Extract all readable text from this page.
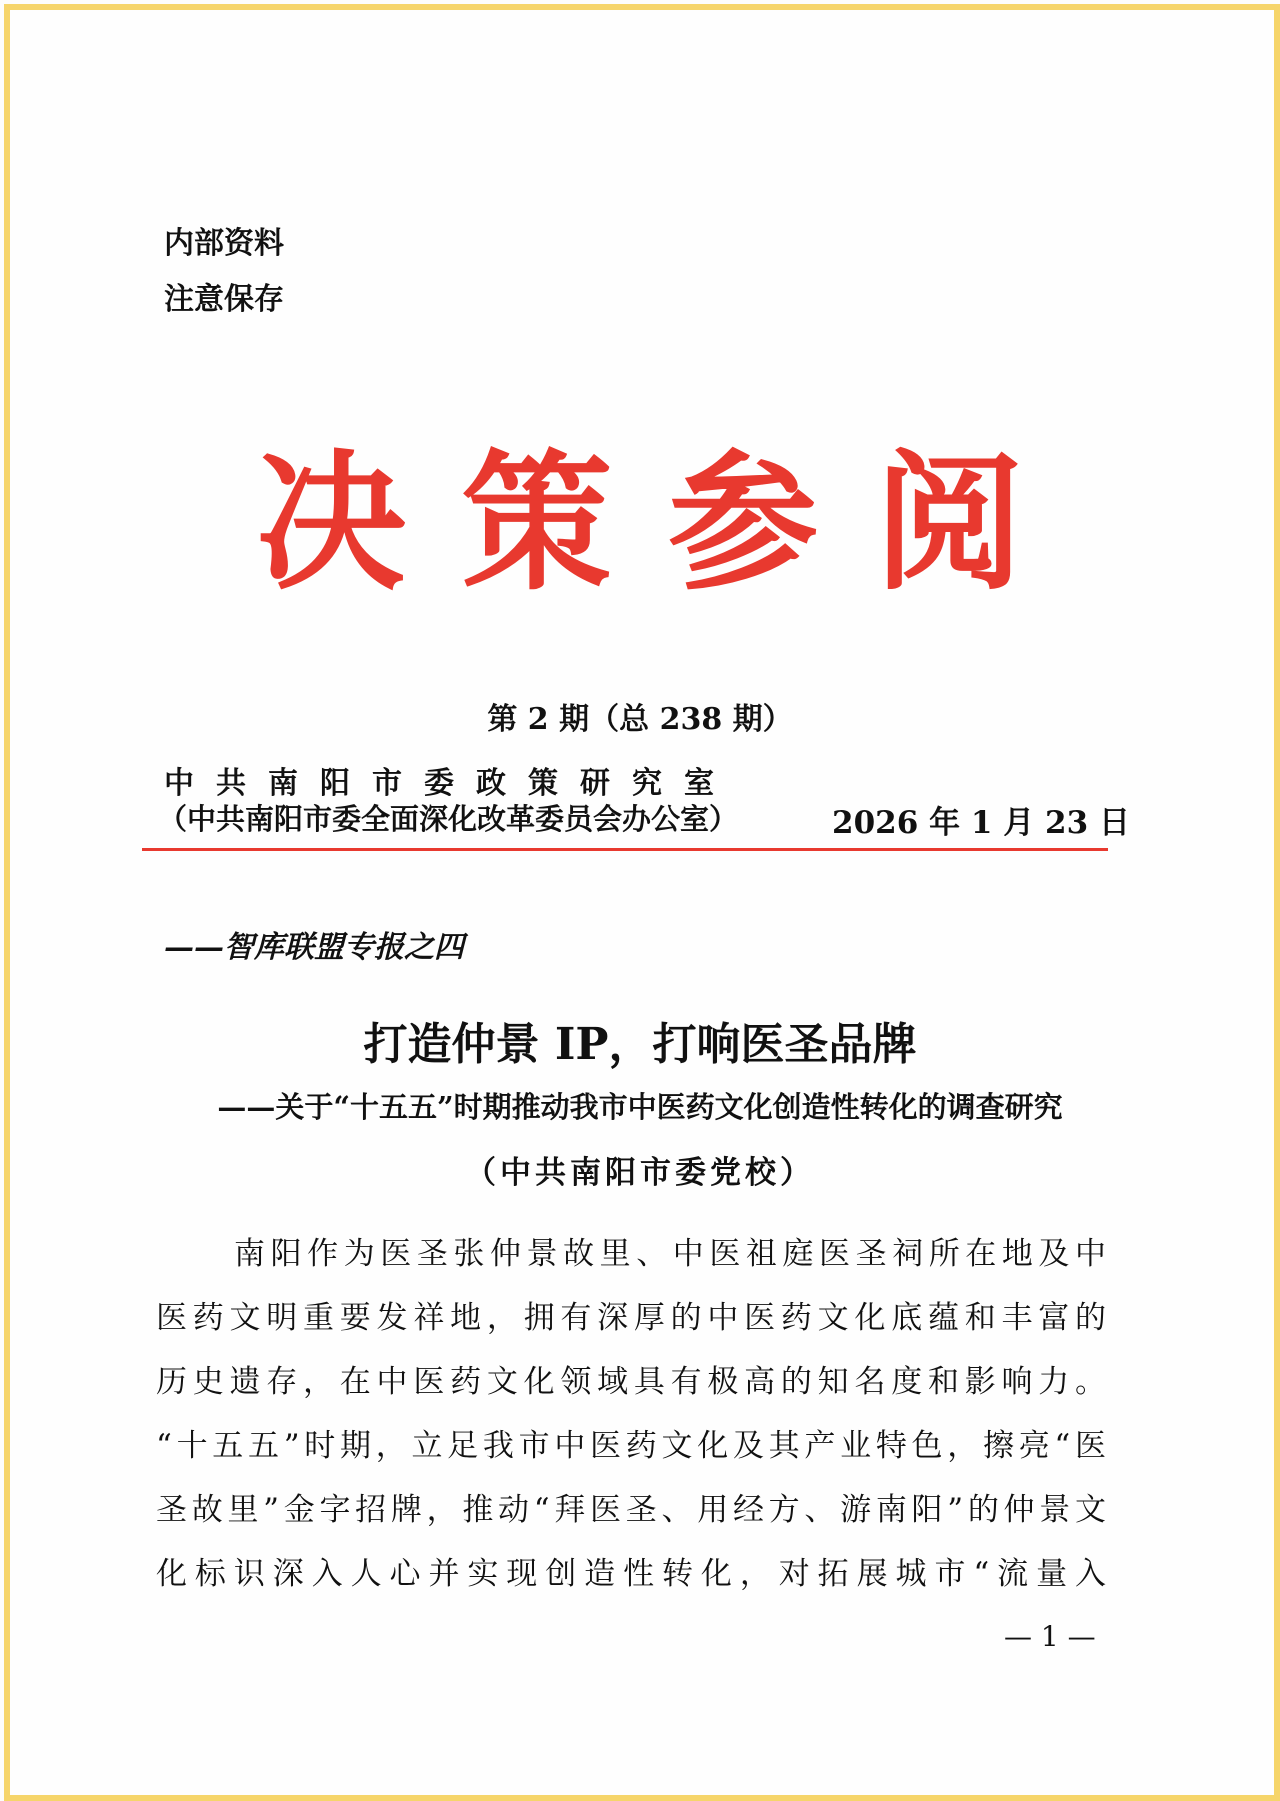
内部资料
注意保存
决策参阅
第 2 期（总 238 期）
中共南阳市委政策研究室
（中共南阳市委全面深化改革委员会办公室）	2026 年 1 月 23 日
——智库联盟专报之四
打造仲景 IP，打响医圣品牌
——关于“十五五”时期推动我市中医药文化创造性转化的调查研究
（中共南阳市委党校）
南阳作为医圣张仲景故里、中医祖庭医圣祠所在地及中
医药文明重要发祥地，拥有深厚的中医药文化底蕴和丰富的
历史遗存，在中医药文化领域具有极高的知名度和影响力。
“十五五”时期，立足我市中医药文化及其产业特色，擦亮“医
圣故里”金字招牌，推动“拜医圣、用经方、游南阳”的仲景文
化标识深入人心并实现创造性转化，对拓展城市“流量入
— 1 —
